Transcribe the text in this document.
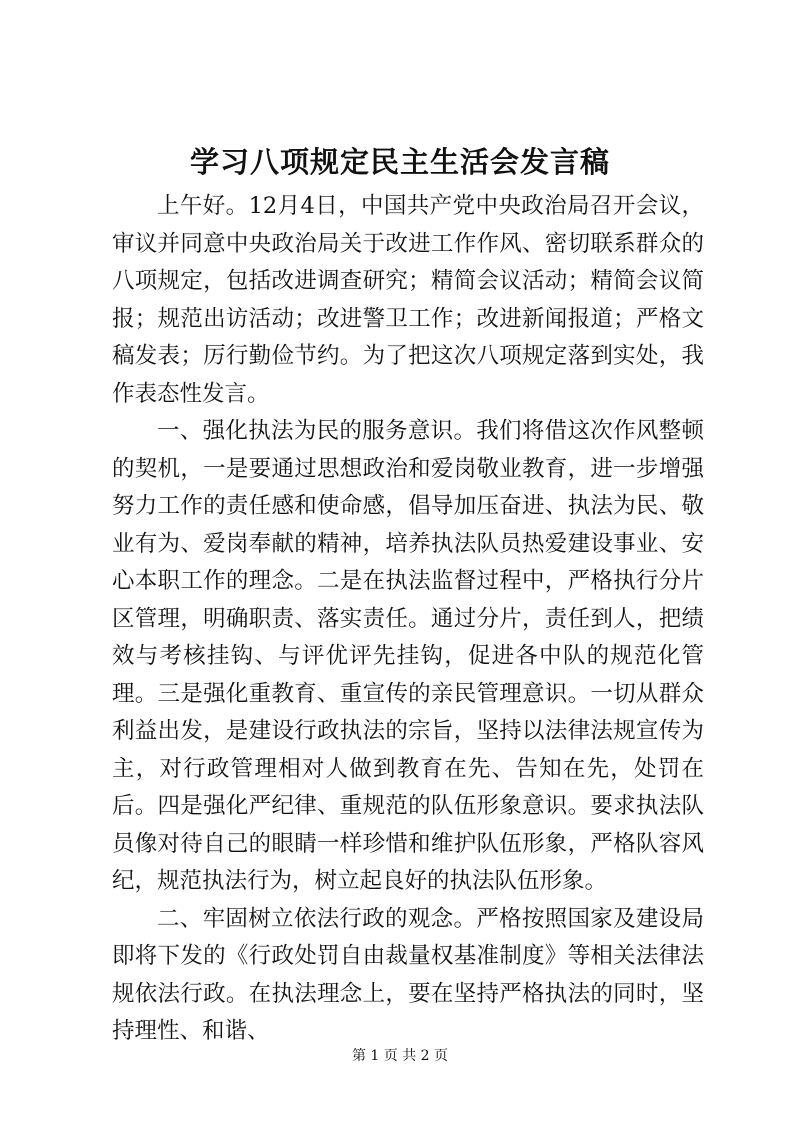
学习八项规定民主生活会发言稿

上午好。12月4日，中国共产党中央政治局召开会议，审议并同意中央政治局关于改进工作作风、密切联系群众的八项规定，包括改进调查研究；精简会议活动；精简会议简报；规范出访活动；改进警卫工作；改进新闻报道；严格文稿发表；厉行勤俭节约。为了把这次八项规定落到实处，我作表态性发言。

一、强化执法为民的服务意识。我们将借这次作风整顿的契机，一是要通过思想政治和爱岗敬业教育，进一步增强努力工作的责任感和使命感，倡导加压奋进、执法为民、敬业有为、爱岗奉献的精神，培养执法队员热爱建设事业、安心本职工作的理念。二是在执法监督过程中，严格执行分片区管理，明确职责、落实责任。通过分片，责任到人，把绩效与考核挂钩、与评优评先挂钩，促进各中队的规范化管理。三是强化重教育、重宣传的亲民管理意识。一切从群众利益出发，是建设行政执法的宗旨，坚持以法律法规宣传为主，对行政管理相对人做到教育在先、告知在先，处罚在后。四是强化严纪律、重规范的队伍形象意识。要求执法队员像对待自己的眼睛一样珍惜和维护队伍形象，严格队容风纪，规范执法行为，树立起良好的执法队伍形象。

二、牢固树立依法行政的观念。严格按照国家及建设局即将下发的《行政处罚自由裁量权基准制度》等相关法律法规依法行政。在执法理念上，要在坚持严格执法的同时，坚持理性、和谐、

第 1 页 共 2 页
